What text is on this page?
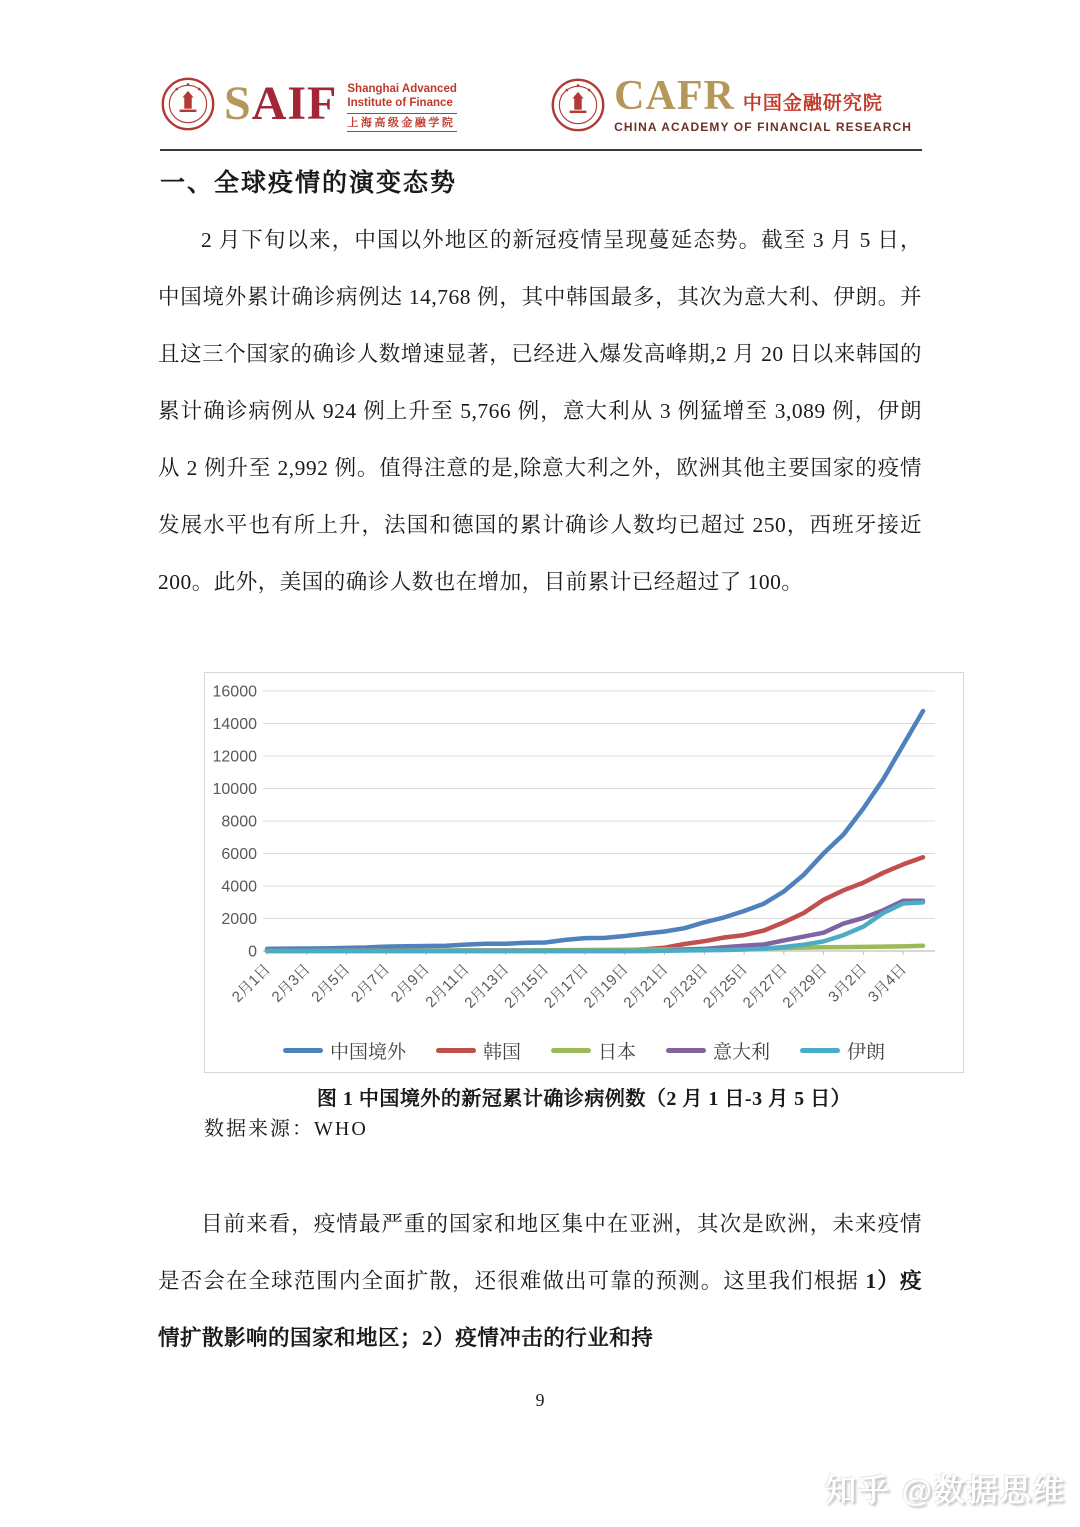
SAIF Shanghai Advanced
Institute of Finance
上海高级金融学院
CAFR 中国金融研究院
CHINA ACADEMY OF FINANCIAL RESEARCH
一、全球疫情的演变态势

2 月下旬以来，中国以外地区的新冠疫情呈现蔓延态势。截至 3 月 5 日，中国境外累计确诊病例达 14,768 例，其中韩国最多，其次为意大利、伊朗。并且这三个国家的确诊人数增速显著，已经进入爆发高峰期,2 月 20 日以来韩国的累计确诊病例从 924 例上升至 5,766 例，意大利从 3 例猛增至 3,089 例，伊朗从 2 例升至 2,992 例。值得注意的是,除意大利之外，欧洲其他主要国家的疫情发展水平也有所上升，法国和德国的累计确诊人数均已超过 250，西班牙接近 200。此外，美国的确诊人数也在增加，目前累计已经超过了 100。

0
2000
4000
6000
8000
10000
12000
14000
16000
2月1日
2月3日
2月5日
2月7日
2月9日
2月11日
2月13日
2月15日
2月17日
2月19日
2月21日
2月23日
2月25日
2月27日
2月29日
3月2日
3月4日
中国境外	韩国	日本	意大利	伊朗
图 1 中国境外的新冠累计确诊病例数（2 月 1 日-3 月 5 日）
数据来源：WHO

目前来看，疫情最严重的国家和地区集中在亚洲，其次是欧洲，未来疫情是否会在全球范围内全面扩散，还很难做出可靠的预测。这里我们根据 1）疫情扩散影响的国家和地区；2）疫情冲击的行业和持

9
知乎 @数据思维
